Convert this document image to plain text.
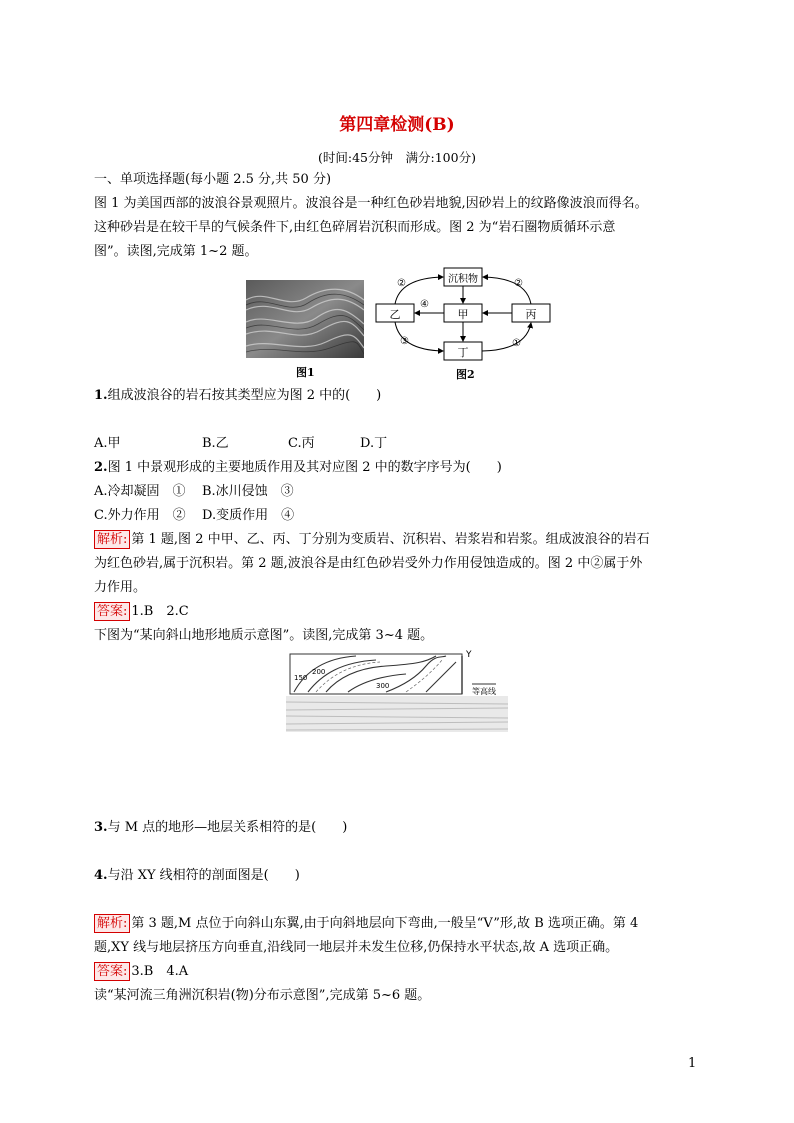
第四章检测(B)
(时间:45分钟　满分:100分)
一、单项选择题(每小题 2.5 分,共 50 分)
图 1 为美国西部的波浪谷景观照片。波浪谷是一种红色砂岩地貌,因砂岩上的纹路像波浪而得名。
这种砂岩是在较干旱的气候条件下,由红色碎屑岩沉积而形成。图 2 为“岩石圈物质循环示意
图”。读图,完成第 1~2 题。
图1
沉积物
乙	甲	丙
丁
②	②
④
③	①
图2
1.组成波浪谷的岩石按其类型应为图 2 中的(　　)
A.甲	B.乙	C.丙	D.丁
2.图 1 中景观形成的主要地质作用及其对应图 2 中的数字序号为(　　)
A.冷却凝固　① B.冰川侵蚀　③
C.外力作用　② D.变质作用　④
解析: 第 1 题,图 2 中甲、乙、丙、丁分别为变质岩、沉积岩、岩浆岩和岩浆。组成波浪谷的岩石
为红色砂岩,属于沉积岩。第 2 题,波浪谷是由红色砂岩受外力作用侵蚀造成的。图 2 中②属于外
力作用。
答案: 1.B　2.C
下图为“某向斜山地形地质示意图”。读图,完成第 3~4 题。
Y
150
200
300
等高线
3.与 M 点的地形—地层关系相符的是(　　)
4.与沿 XY 线相符的剖面图是(　　)
解析: 第 3 题,M 点位于向斜山东翼,由于向斜地层向下弯曲,一般呈“V”形,故 B 选项正确。第 4
题,XY 线与地层挤压方向垂直,沿线同一地层并未发生位移,仍保持水平状态,故 A 选项正确。
答案: 3.B　4.A
读“某河流三角洲沉积岩(物)分布示意图”,完成第 5~6 题。
1
